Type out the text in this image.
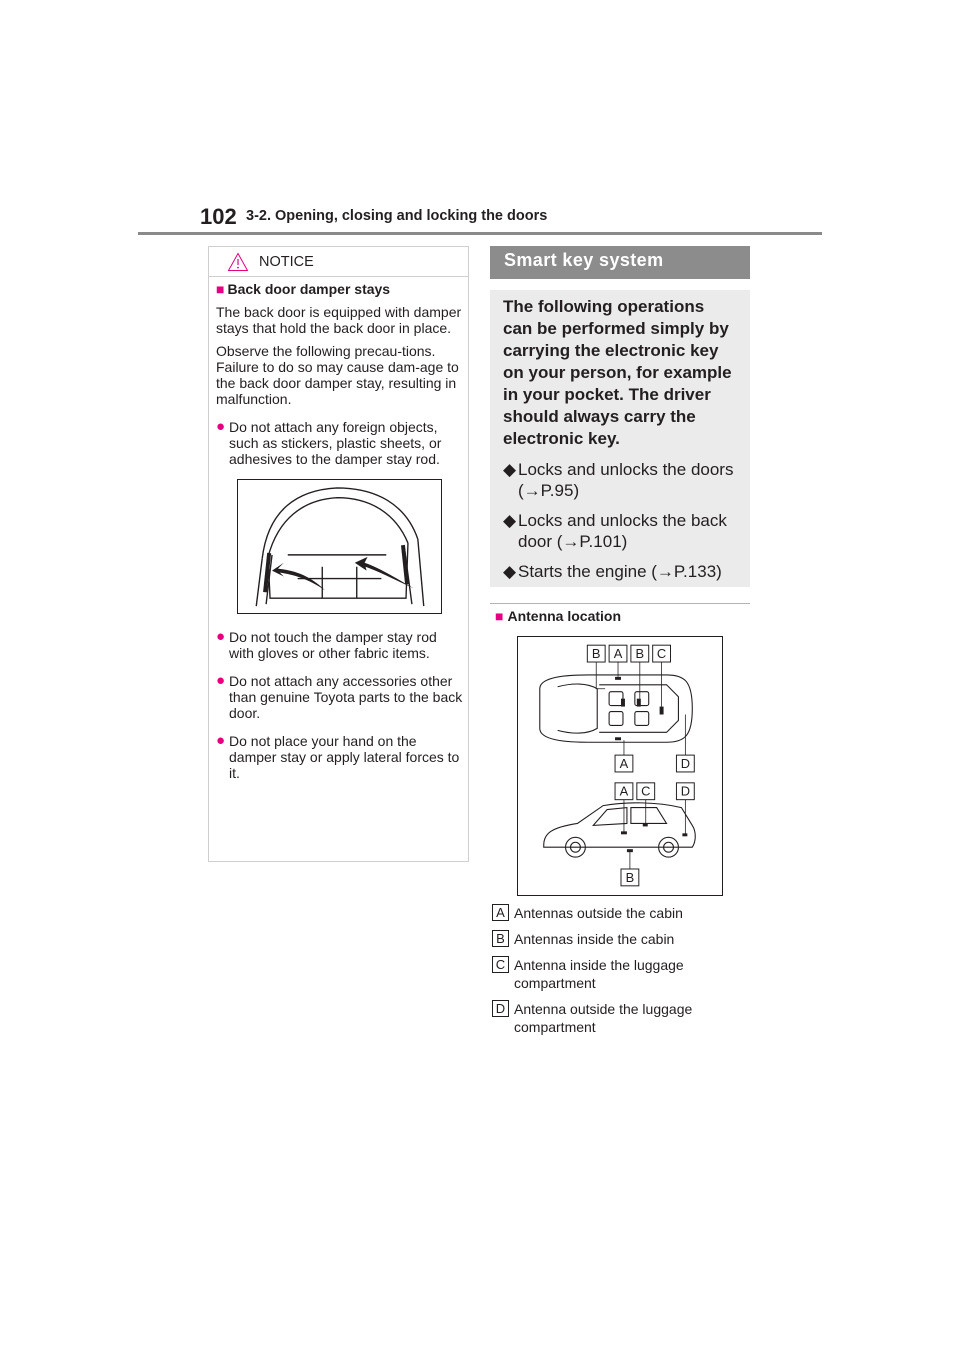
102 3-2. Opening, closing and locking the doors
NOTICE
■ Back door damper stays
The back door is equipped with damper stays that hold the back door in place.
Observe the following precau-tions.
Failure to do so may cause dam-age to the back door damper stay, resulting in malfunction.
● Do not attach any foreign objects, such as stickers, plastic sheets, or adhesives to the damper stay rod.
● Do not touch the damper stay rod with gloves or other fabric items.
● Do not attach any accessories other than genuine Toyota parts to the back door.
● Do not place your hand on the damper stay or apply lateral forces to it.
Smart key system
The following operations can be performed simply by carrying the electronic key on your person, for example in your pocket. The driver should always carry the electronic key.
◆ Locks and unlocks the doors (→P.95)
◆ Locks and unlocks the back door (→P.101)
◆ Starts the engine (→P.133)
■ Antenna location
B A B C
A	D
A C D
B
A Antennas outside the cabin
B Antennas inside the cabin
C Antenna inside the luggage compartment
D Antenna outside the luggage compartment
